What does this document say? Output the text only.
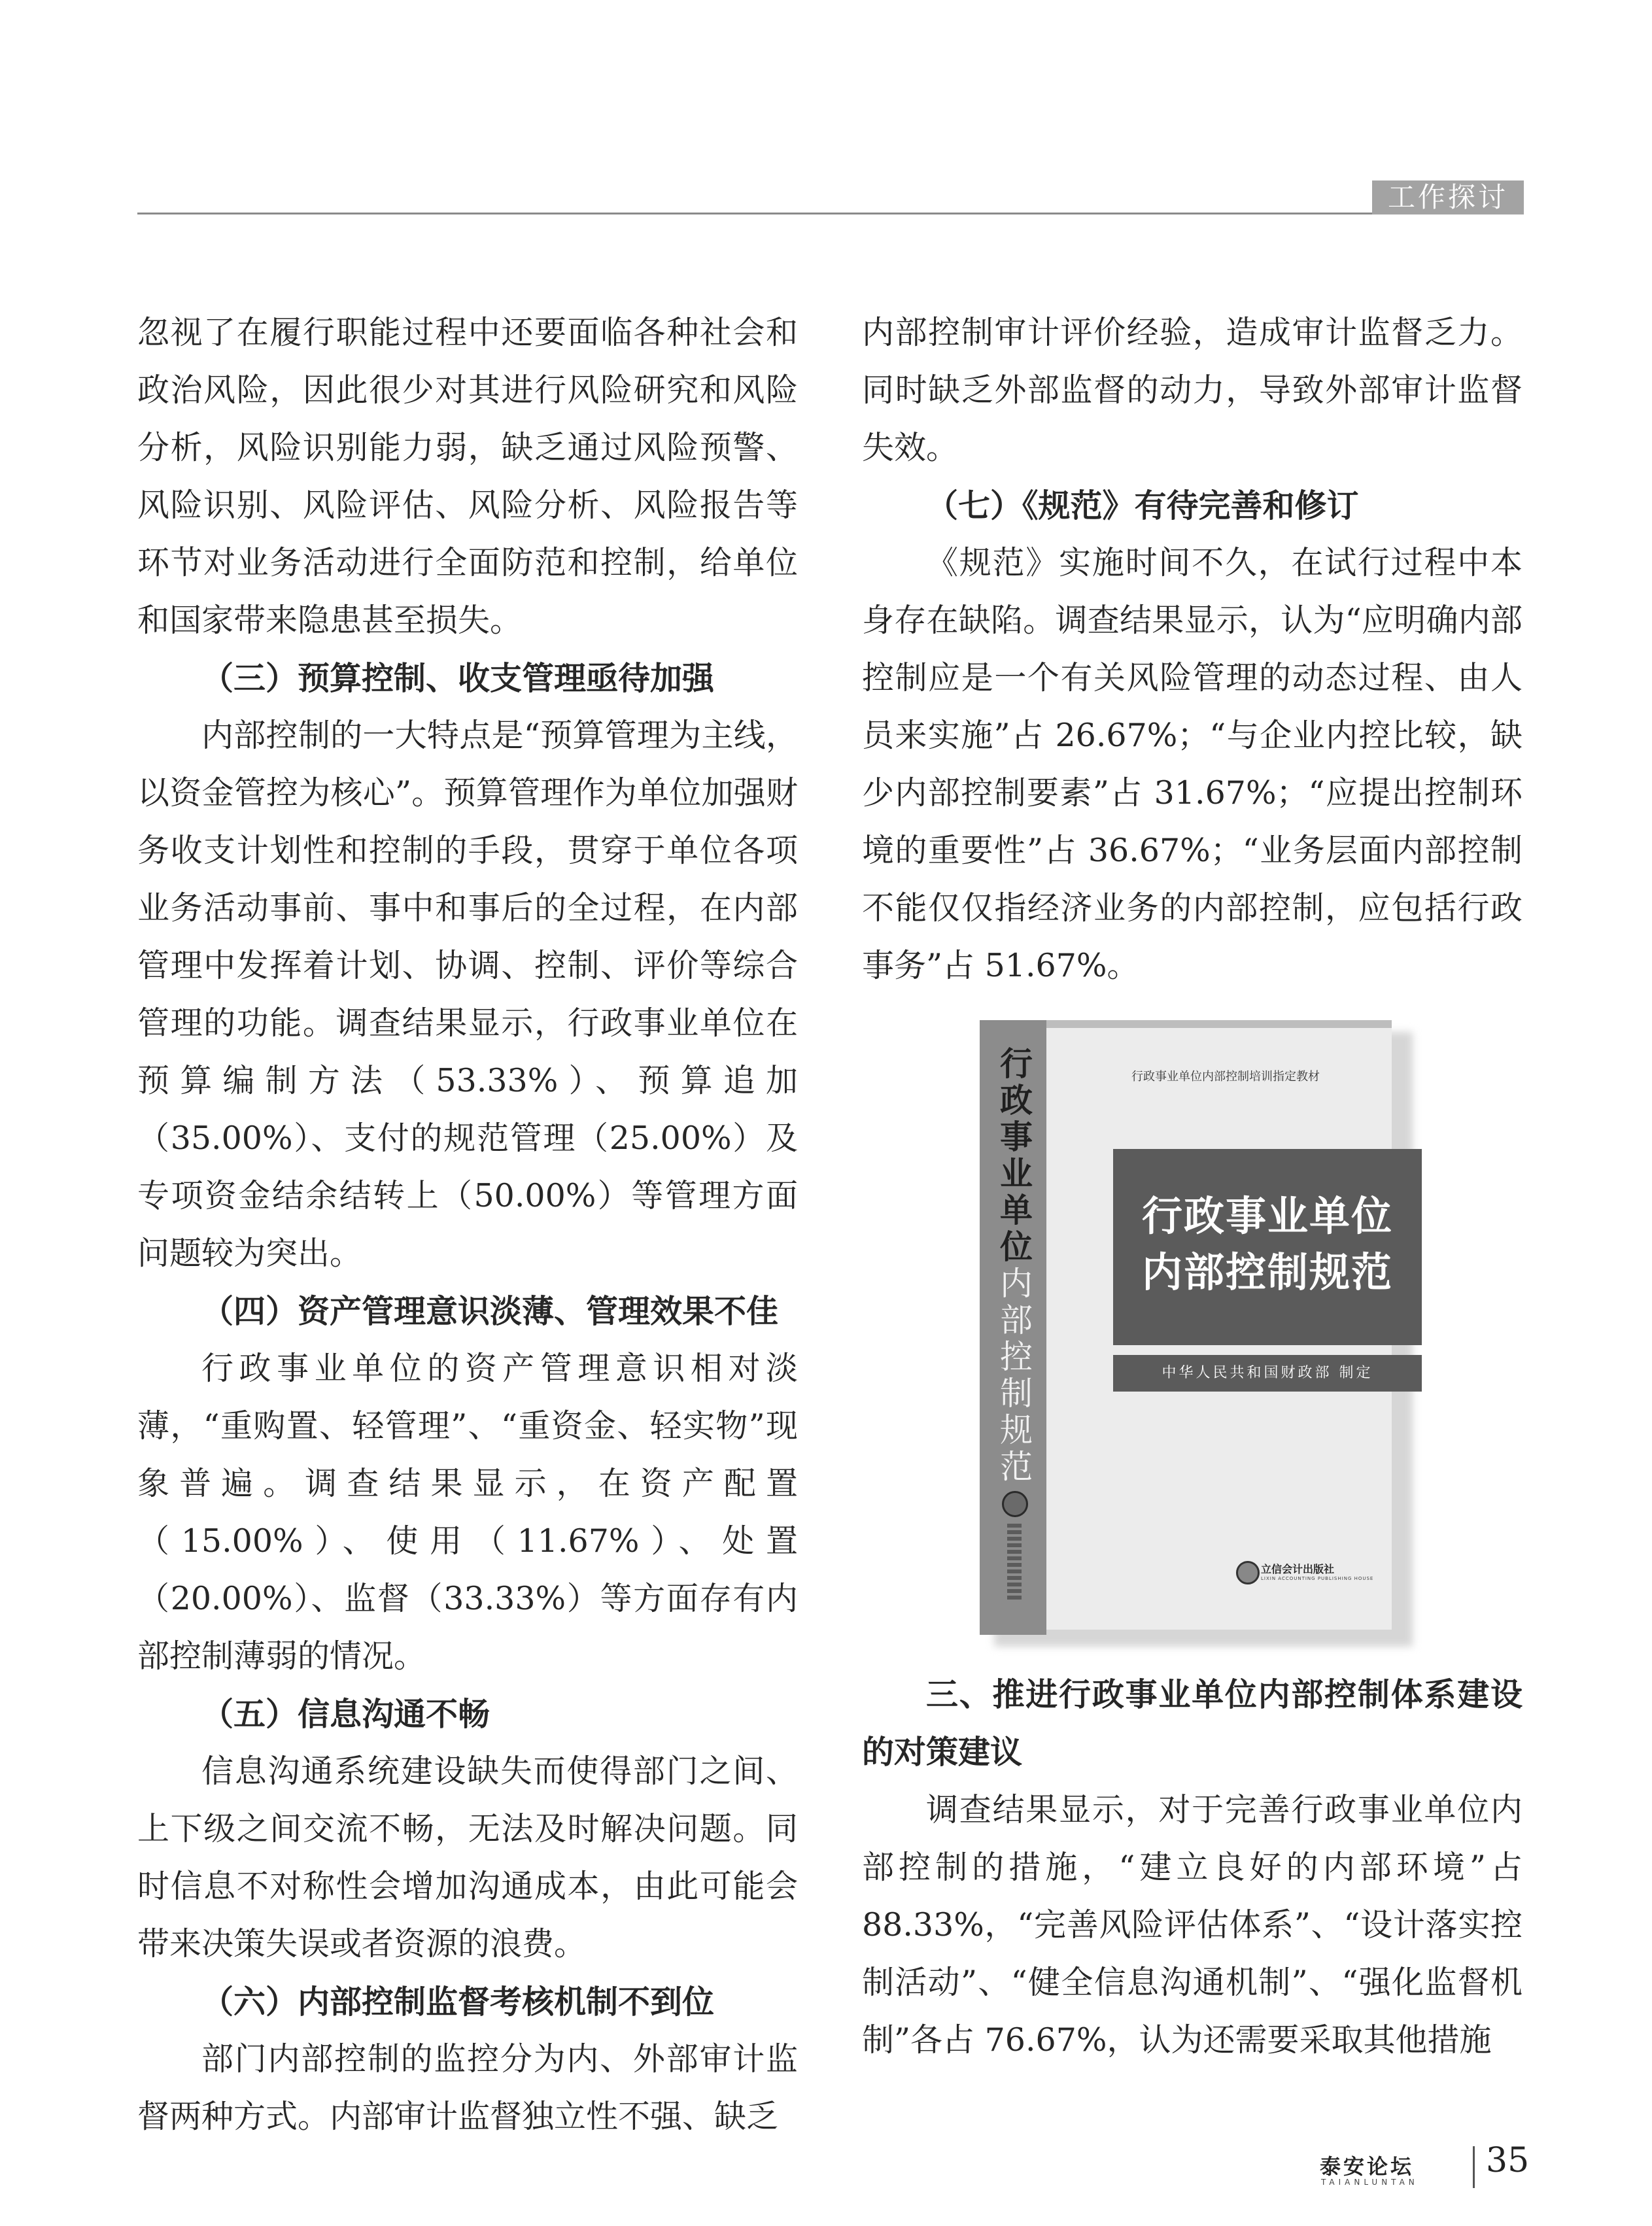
工作探讨

忽视了在履行职能过程中还要面临各种社会和政治风险，因此很少对其进行风险研究和风险分析，风险识别能力弱，缺乏通过风险预警、风险识别、风险评估、风险分析、风险报告等环节对业务活动进行全面防范和控制，给单位和国家带来隐患甚至损失。

（三）预算控制、收支管理亟待加强

内部控制的一大特点是“预算管理为主线，以资金管控为核心”。预算管理作为单位加强财务收支计划性和控制的手段，贯穿于单位各项业务活动事前、事中和事后的全过程，在内部管理中发挥着计划、协调、控制、评价等综合管理的功能。调查结果显示，行政事业单位在预算编制方法（53.33%）、预算追加（35.00%）、支付的规范管理（25.00%）及专项资金结余结转上（50.00%）等管理方面问题较为突出。

（四）资产管理意识淡薄、管理效果不佳

行政事业单位的资产管理意识相对淡薄，“重购置、轻管理”、“重资金、轻实物”现象普遍。调查结果显示，在资产配置（15.00%）、使用（11.67%）、处置（20.00%）、监督（33.33%）等方面存有内部控制薄弱的情况。

（五）信息沟通不畅

信息沟通系统建设缺失而使得部门之间、上下级之间交流不畅，无法及时解决问题。同时信息不对称性会增加沟通成本，由此可能会带来决策失误或者资源的浪费。

（六）内部控制监督考核机制不到位

部门内部控制的监控分为内、外部审计监督两种方式。内部审计监督独立性不强、缺乏

内部控制审计评价经验，造成审计监督乏力。同时缺乏外部监督的动力，导致外部审计监督失效。

（七）《规范》有待完善和修订

《规范》实施时间不久，在试行过程中本身存在缺陷。调查结果显示，认为“应明确内部控制应是一个有关风险管理的动态过程、由人员来实施”占 26.67%；“与企业内控比较，缺少内部控制要素”占 31.67%；“应提出控制环境的重要性”占 36.67%；“业务层面内部控制不能仅仅指经济业务的内部控制，应包括行政事务”占 51.67%。

行政事业单位内部控制规范
行政事业单位内部控制培训指定教材
行政事业单位
内部控制规范
中华人民共和国财政部 制定
立信会计出版社
LIXIN ACCOUNTING PUBLISHING HOUSE
三、推进行政事业单位内部控制体系建设的对策建议

调查结果显示，对于完善行政事业单位内部控制的措施，“建立良好的内部环境”占 88.33%，“完善风险评估体系”、“设计落实控制活动”、“健全信息沟通机制”、“强化监督机制”各占 76.67%，认为还需要采取其他措施

泰安论坛
TAIANLUNTAN
35
